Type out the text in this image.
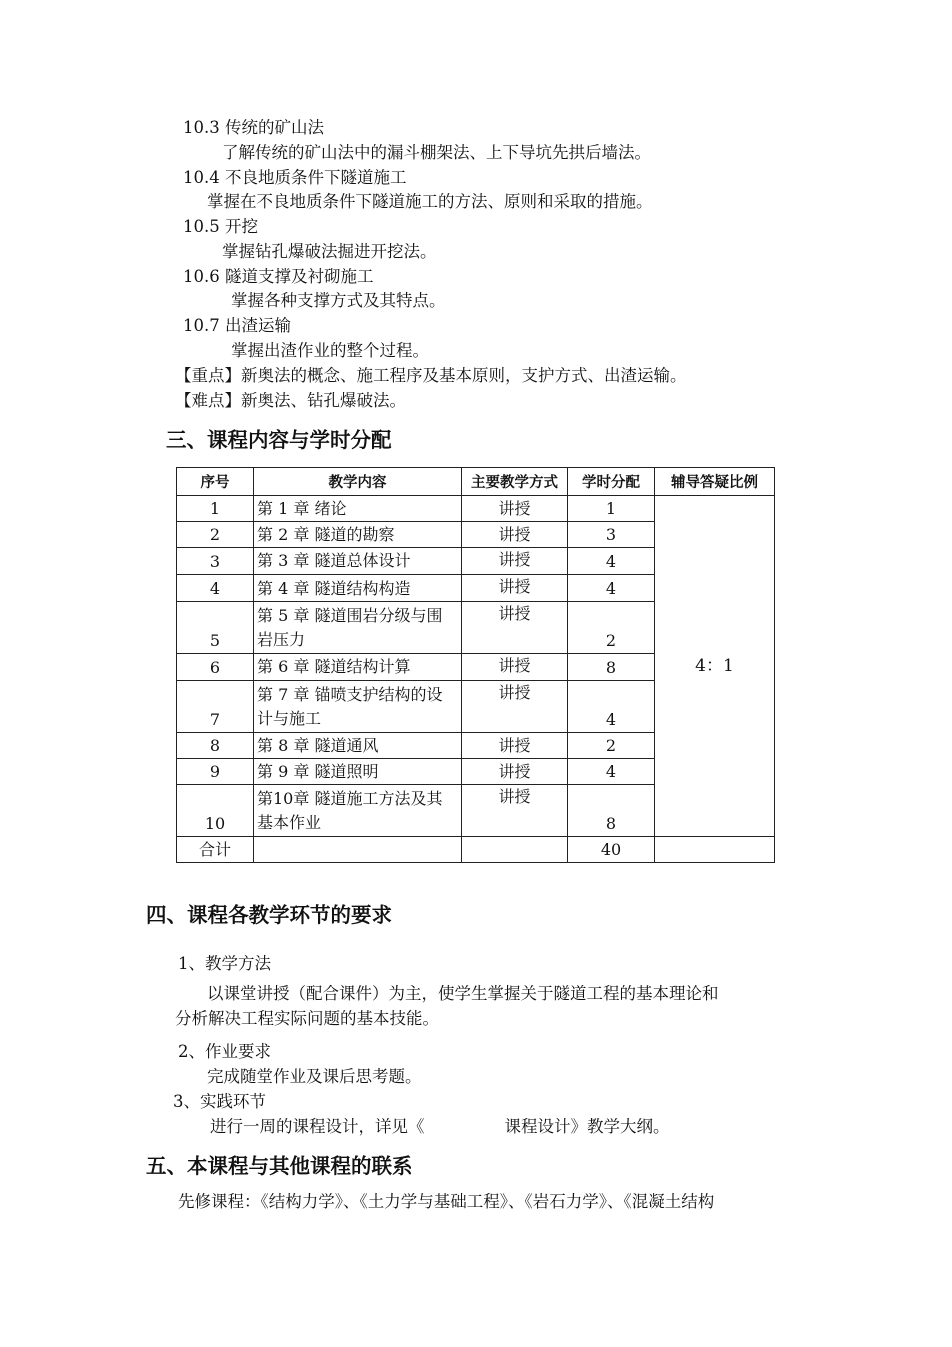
10.3 传统的矿山法
了解传统的矿山法中的漏斗棚架法、上下导坑先拱后墙法。
10.4 不良地质条件下隧道施工
掌握在不良地质条件下隧道施工的方法、原则和采取的措施。
10.5 开挖
掌握钻孔爆破法掘进开挖法。
10.6 隧道支撑及衬砌施工
掌握各种支撑方式及其特点。
10.7 出渣运输
掌握出渣作业的整个过程。
【重点】新奥法的概念、施工程序及基本原则，支护方式、出渣运输。
【难点】新奥法、钻孔爆破法。
三、课程内容与学时分配
序号	教学内容	主要教学方式	学时分配	辅导答疑比例
1	第 1 章 绪论	讲授	1	4：1
2	第 2 章 隧道的勘察	讲授	3	
3	第 3 章 隧道总体设计	讲授	4	
4	第 4 章 隧道结构构造	讲授	4	
5	第 5 章 隧道围岩分级与围岩压力	讲授	2	
6	第 6 章 隧道结构计算	讲授	8	
7	第 7 章 锚喷支护结构的设计与施工	讲授	4	
8	第 8 章 隧道通风	讲授	2	
9	第 9 章 隧道照明	讲授	4	
10	第10章 隧道施工方法及其基本作业	讲授	8	
合计			40	
四、课程各教学环节的要求
1、教学方法
以课堂讲授（配合课件）为主，使学生掌握关于隧道工程的基本理论和
分析解决工程实际问题的基本技能。
2、作业要求
完成随堂作业及课后思考题。
3、实践环节
进行一周的课程设计，详见《	课程设计》教学大纲。
五、本课程与其他课程的联系
先修课程：《结构力学》、《土力学与基础工程》、《岩石力学》、《混凝土结构
